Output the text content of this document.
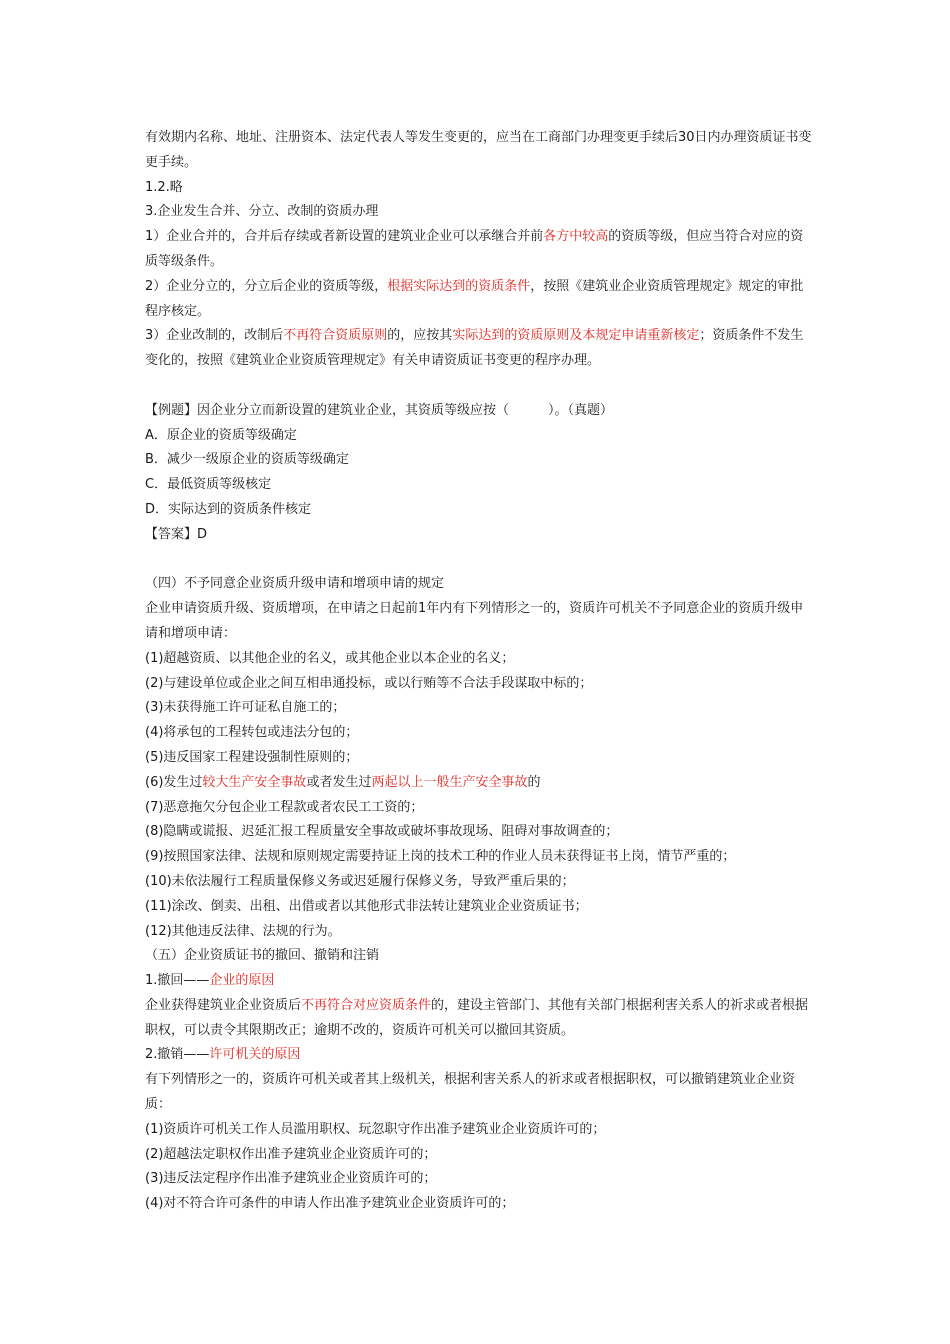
有效期内名称、地址、注册资本、法定代表人等发生变更的，应当在工商部门办理变更手续后30日内办理资质证书变更手续。

1.2.略

3.企业发生合并、分立、改制的资质办理

1）企业合并的，合并后存续或者新设置的建筑业企业可以承继合并前各方中较高的资质等级，但应当符合对应的资质等级条件。

2）企业分立的，分立后企业的资质等级，根据实际达到的资质条件，按照《建筑业企业资质管理规定》规定的审批程序核定。

3）企业改制的，改制后不再符合资质原则的，应按其实际达到的资质原则及本规定申请重新核定；资质条件不发生变化的，按照《建筑业企业资质管理规定》有关申请资质证书变更的程序办理。

【例题】因企业分立而新设置的建筑业企业，其资质等级应按（　　　）。（真题）

A．原企业的资质等级确定

B．减少一级原企业的资质等级确定

C．最低资质等级核定

D．实际达到的资质条件核定

【答案】D

（四）不予同意企业资质升级申请和增项申请的规定

企业申请资质升级、资质增项，在申请之日起前1年内有下列情形之一的，资质许可机关不予同意企业的资质升级申请和增项申请：

(1)超越资质、以其他企业的名义，或其他企业以本企业的名义；

(2)与建设单位或企业之间互相串通投标，或以行贿等不合法手段谋取中标的；

(3)未获得施工许可证私自施工的；

(4)将承包的工程转包或违法分包的；

(5)违反国家工程建设强制性原则的；

(6)发生过较大生产安全事故或者发生过两起以上一般生产安全事故的

(7)恶意拖欠分包企业工程款或者农民工工资的；

(8)隐瞒或谎报、迟延汇报工程质量安全事故或破坏事故现场、阻碍对事故调查的；

(9)按照国家法律、法规和原则规定需要持证上岗的技术工种的作业人员未获得证书上岗，情节严重的；

(10)未依法履行工程质量保修义务或迟延履行保修义务，导致严重后果的；

(11)涂改、倒卖、出租、出借或者以其他形式非法转让建筑业企业资质证书；

(12)其他违反法律、法规的行为。

（五）企业资质证书的撤回、撤销和注销

1.撤回——企业的原因

企业获得建筑业企业资质后不再符合对应资质条件的，建设主管部门、其他有关部门根据利害关系人的祈求或者根据职权，可以责令其限期改正；逾期不改的，资质许可机关可以撤回其资质。

2.撤销——许可机关的原因

有下列情形之一的，资质许可机关或者其上级机关，根据利害关系人的祈求或者根据职权，可以撤销建筑业企业资质：

(1)资质许可机关工作人员滥用职权、玩忽职守作出准予建筑业企业资质许可的；

(2)超越法定职权作出准予建筑业企业资质许可的；

(3)违反法定程序作出准予建筑业企业资质许可的；

(4)对不符合许可条件的申请人作出准予建筑业企业资质许可的；
